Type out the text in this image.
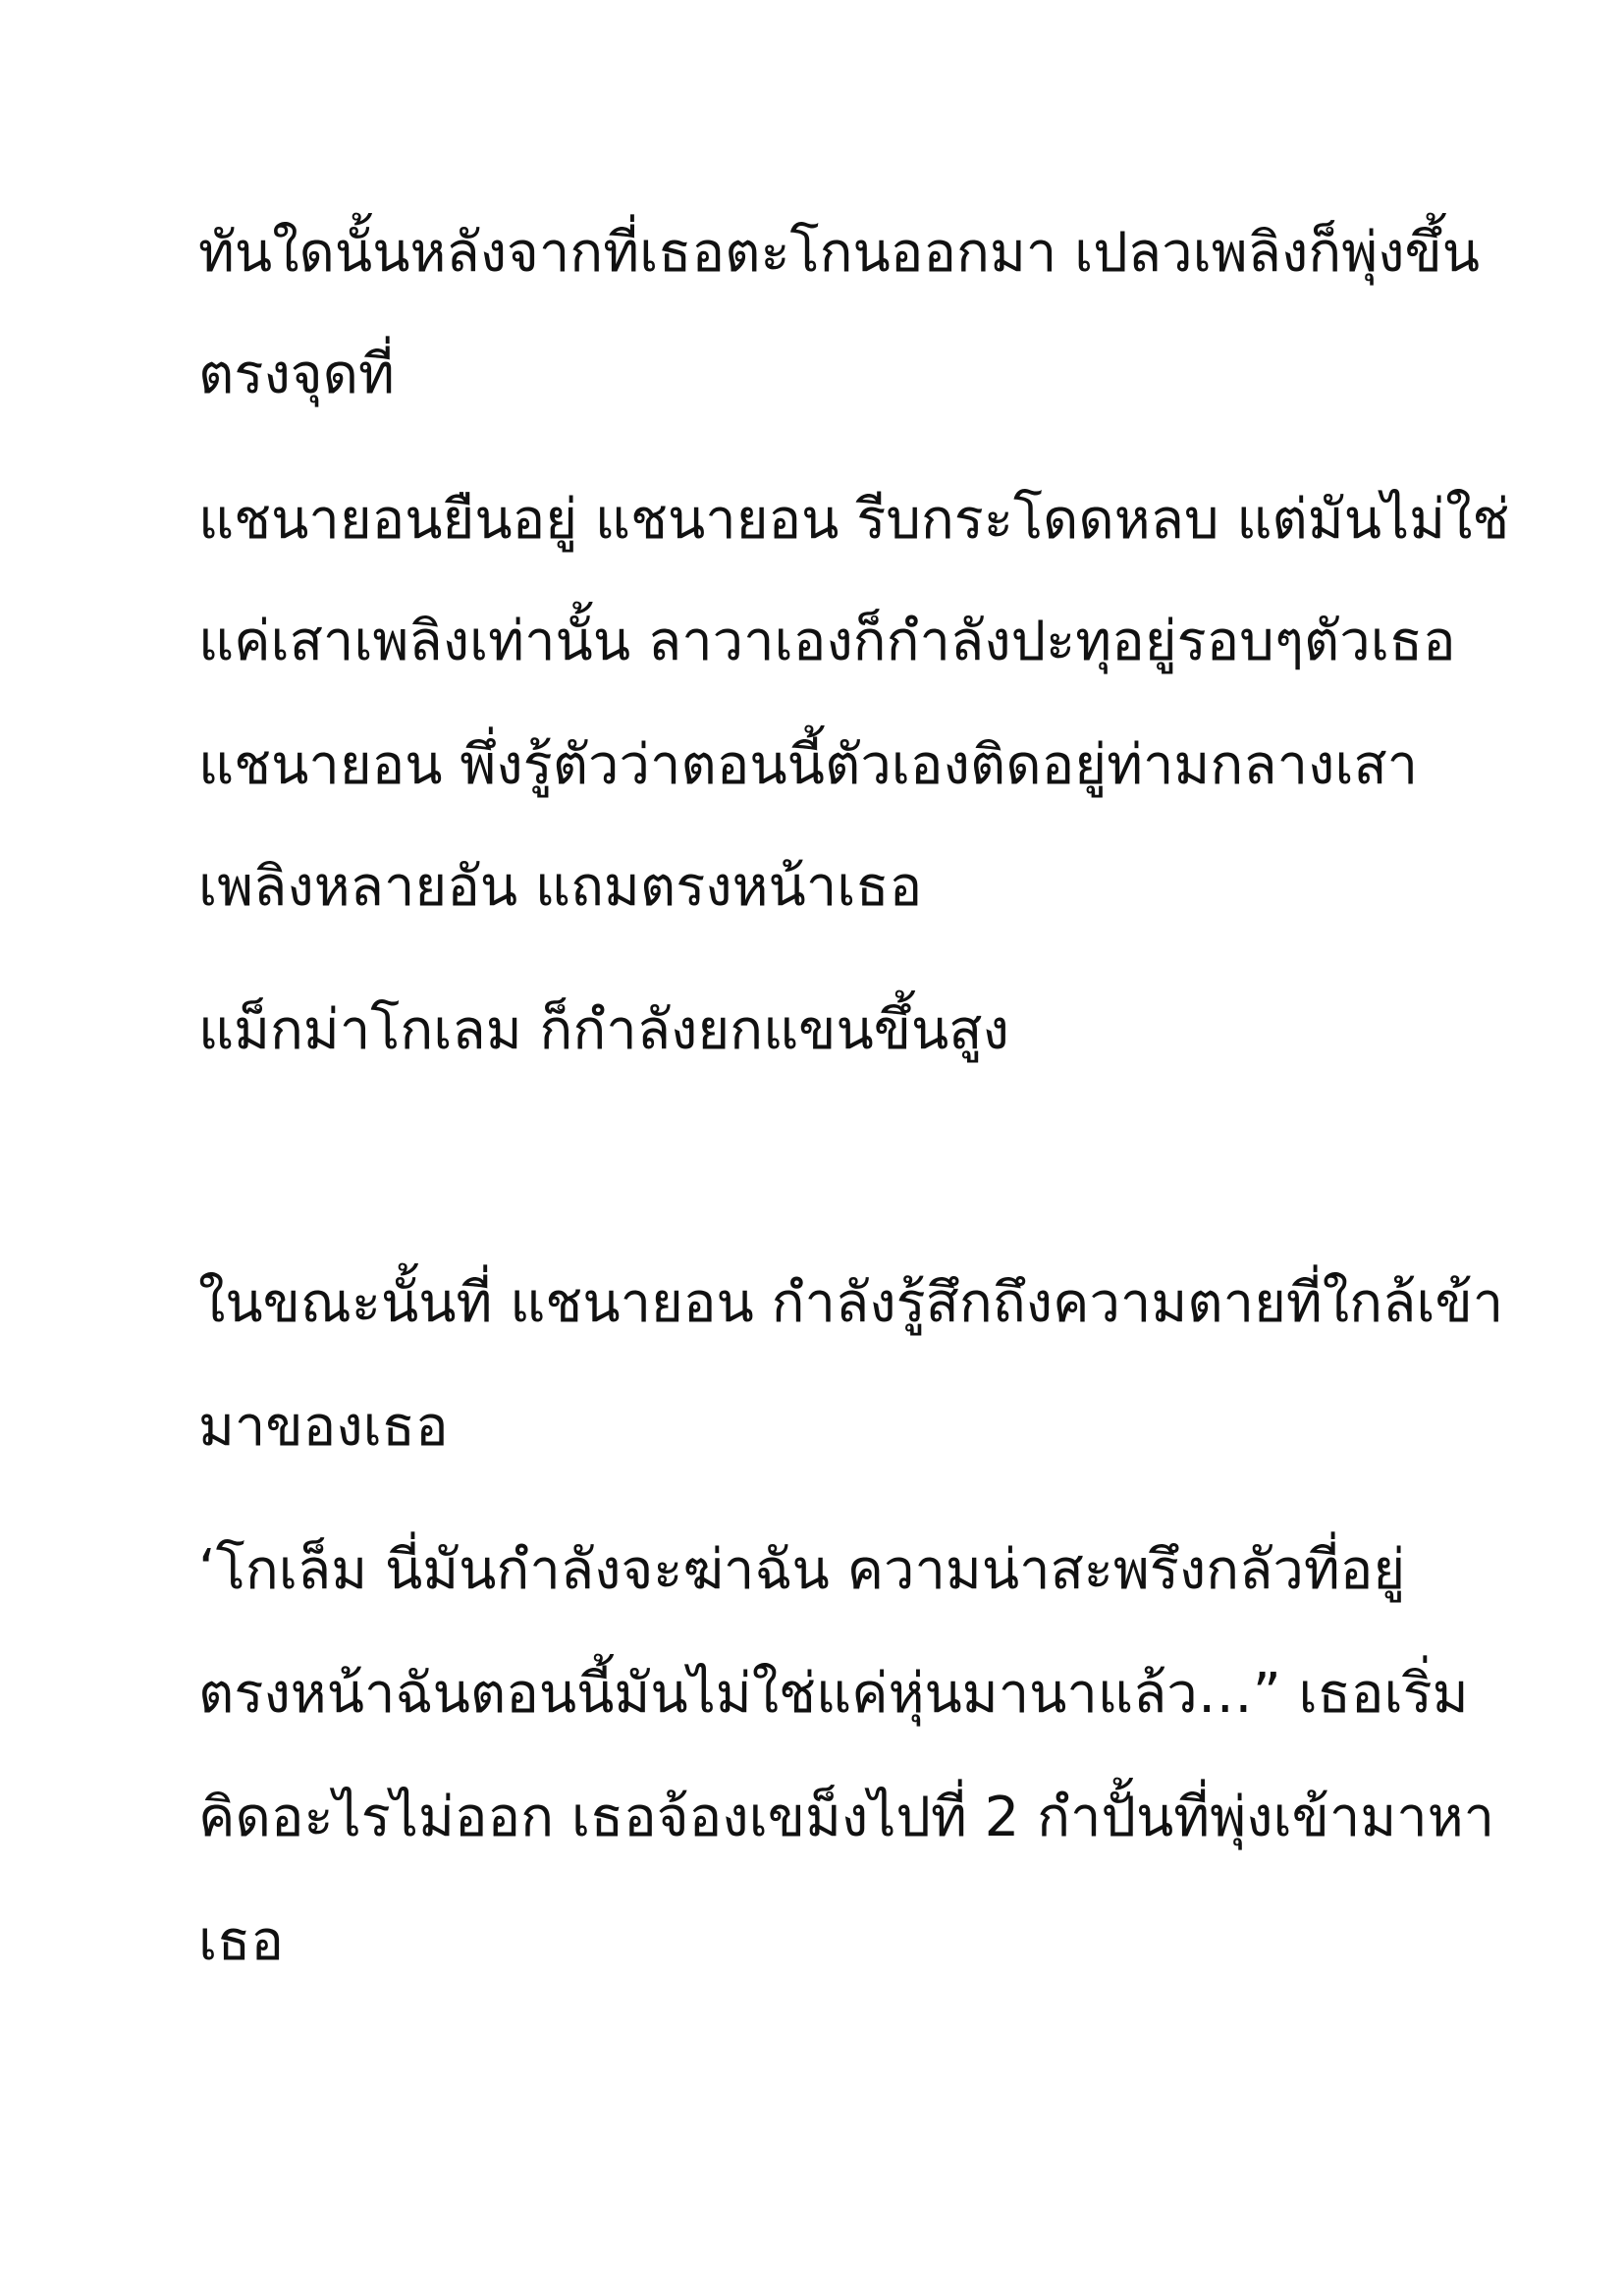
ทันใดนั้นหลังจากที่เธอตะโกนออกมา เปลวเพลิงก็พุ่งขึ้น

ตรงจุดที่

แชนายอนยืนอยู่ แชนายอน รีบกระโดดหลบ แต่มันไม่ใช่

แค่เสาเพลิงเท่านั้น ลาวาเองก็กำลังปะทุอยู่รอบๆตัวเธอ

แชนายอน พึ่งรู้ตัวว่าตอนนี้ตัวเองติดอยู่ท่ามกลางเสา

เพลิงหลายอัน แถมตรงหน้าเธอ

แม็กม่าโกเลม ก็กำลังยกแขนขึ้นสูง

ในขณะนั้นที่ แชนายอน กำลังรู้สึกถึงความตายที่ใกล้เข้า

มาของเธอ

‘โกเล็ม นี่มันกำลังจะฆ่าฉัน ความน่าสะพรึงกลัวที่อยู่

ตรงหน้าฉันตอนนี้มันไม่ใช่แค่หุ่นมานาแล้ว…” เธอเริ่ม

คิดอะไรไม่ออก เธอจ้องเขม็งไปที่ 2 กำปั้นที่พุ่งเข้ามาหา

เธอ
